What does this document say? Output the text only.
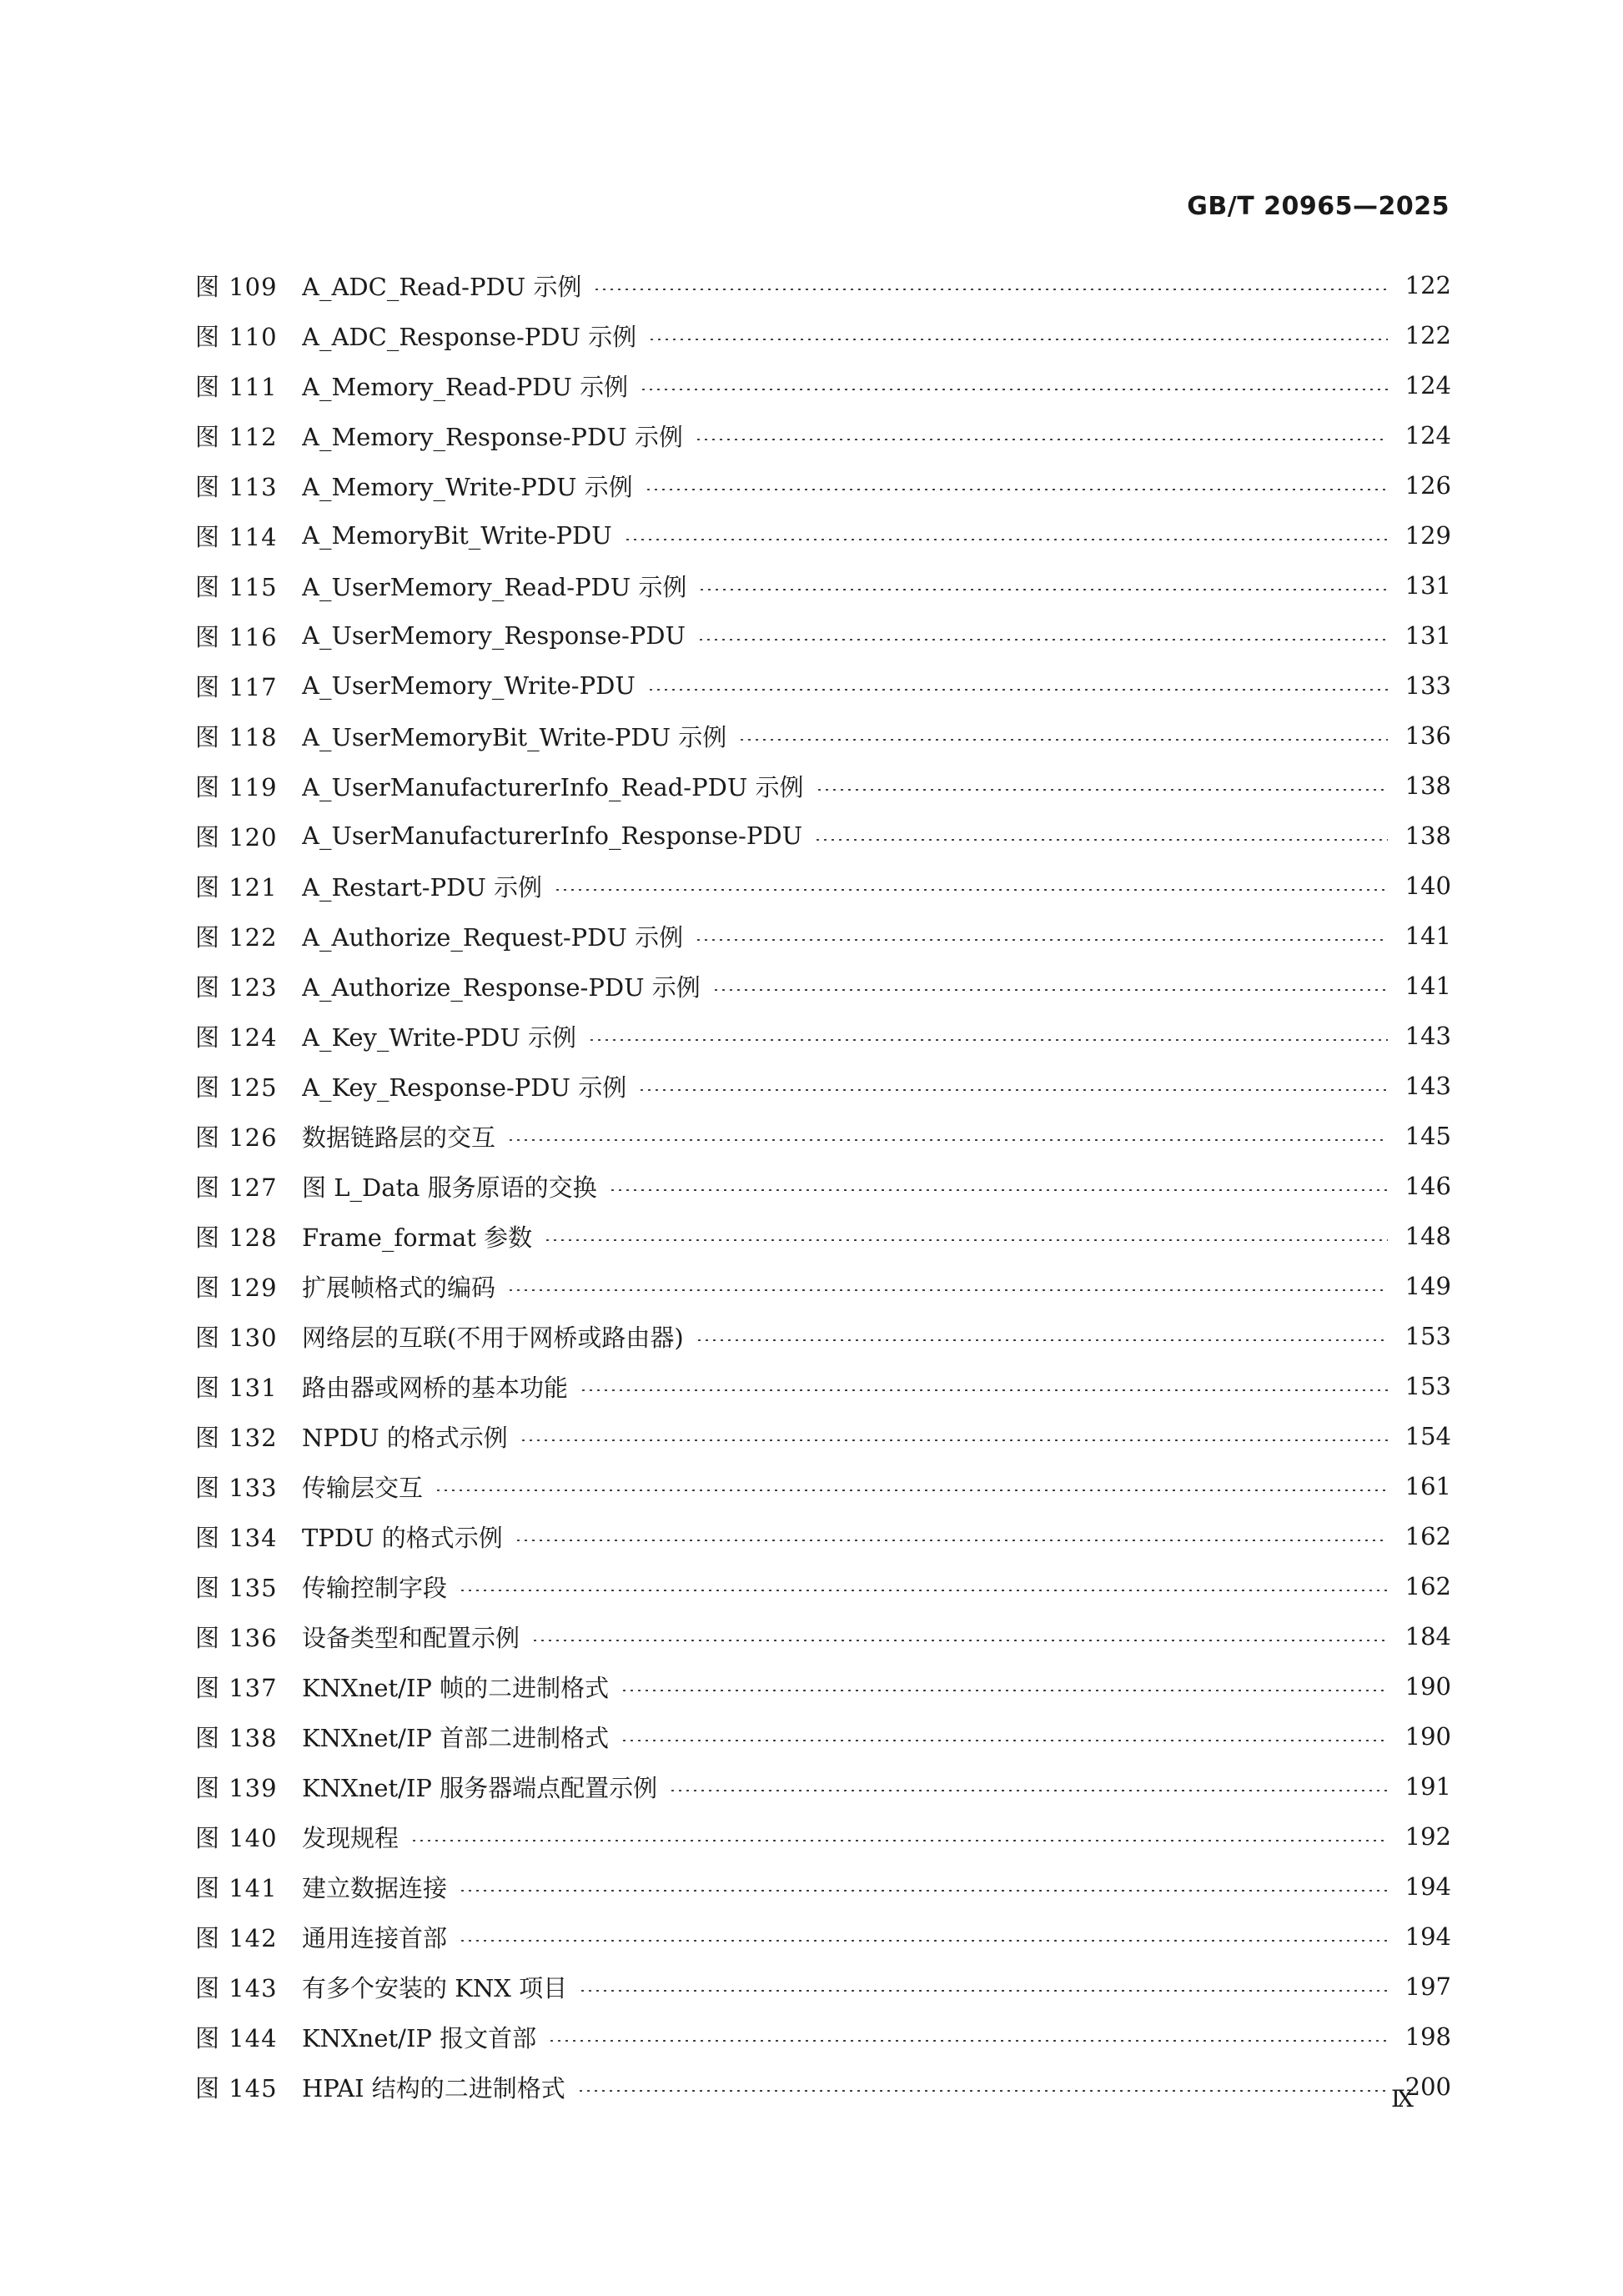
GB/T 20965—2025
图 109	A_ADC_Read-PDU 示例	122
图 110	A_ADC_Response-PDU 示例	122
图 111	A_Memory_Read-PDU 示例	124
图 112	A_Memory_Response-PDU 示例	124
图 113	A_Memory_Write-PDU 示例	126
图 114	A_MemoryBit_Write-PDU	129
图 115	A_UserMemory_Read-PDU 示例	131
图 116	A_UserMemory_Response-PDU	131
图 117	A_UserMemory_Write-PDU	133
图 118	A_UserMemoryBit_Write-PDU 示例	136
图 119	A_UserManufacturerInfo_Read-PDU 示例	138
图 120	A_UserManufacturerInfo_Response-PDU	138
图 121	A_Restart-PDU 示例	140
图 122	A_Authorize_Request-PDU 示例	141
图 123	A_Authorize_Response-PDU 示例	141
图 124	A_Key_Write-PDU 示例	143
图 125	A_Key_Response-PDU 示例	143
图 126	数据链路层的交互	145
图 127	图 L_Data 服务原语的交换	146
图 128	Frame_format 参数	148
图 129	扩展帧格式的编码	149
图 130	网络层的互联(不用于网桥或路由器)	153
图 131	路由器或网桥的基本功能	153
图 132	NPDU 的格式示例	154
图 133	传输层交互	161
图 134	TPDU 的格式示例	162
图 135	传输控制字段	162
图 136	设备类型和配置示例	184
图 137	KNXnet/IP 帧的二进制格式	190
图 138	KNXnet/IP 首部二进制格式	190
图 139	KNXnet/IP 服务器端点配置示例	191
图 140	发现规程	192
图 141	建立数据连接	194
图 142	通用连接首部	194
图 143	有多个安装的 KNX 项目	197
图 144	KNXnet/IP 报文首部	198
图 145	HPAI 结构的二进制格式	200
Ⅸ
